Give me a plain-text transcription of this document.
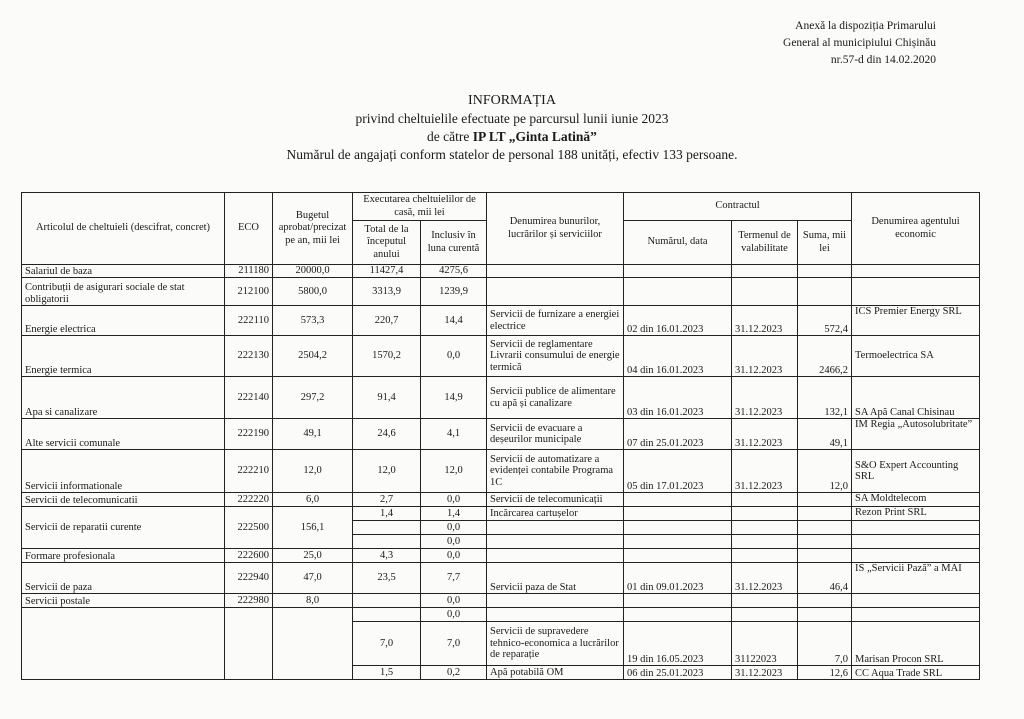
Anexă la dispoziția Primarului
General al municipiului Chișinău
nr.57-d din 14.02.2020
INFORMAȚIA
privind cheltuielile efectuate pe parcursul lunii iunie 2023
de către IP LT „Ginta Latină”
Numărul de angajați conform statelor de personal 188 unități, efectiv 133 persoane.
Articolul de cheltuieli (descifrat, concret)	ECO	Bugetul aprobat/precizat pe an, mii lei	Executarea cheltuielilor de casă, mii lei		Denumirea bunurilor, lucrărilor și serviciilor	Contractul			Denumirea agentului economic
			Total de la începutul anului	Inclusiv în luna curentă		Numărul, data	Termenul de valabilitate	Suma, mii lei	

Salariul de baza	211180	20000,0	11427,4	4275,6					
Contribuții de asigurari sociale de stat obligatorii	212100	5800,0	3313,9	1239,9					
Energie electrica	222110	573,3	220,7	14,4	Servicii de furnizare a energiei electrice	02 din 16.01.2023	31.12.2023	572,4	ICS Premier Energy SRL
Energie termica	222130	2504,2	1570,2	0,0	Servicii de reglamentare Livrarii consumului de energie termică	04 din 16.01.2023	31.12.2023	2466,2	Termoelectrica SA
Apa si canalizare	222140	297,2	91,4	14,9	Servicii publice de alimentare cu apă și canalizare	03 din 16.01.2023	31.12.2023	132,1	SA Apă Canal Chisinau
Alte servicii comunale	222190	49,1	24,6	4,1	Servicii de evacuare a deșeurilor municipale	07 din 25.01.2023	31.12.2023	49,1	IM Regia „Autosolubritate”
Servicii informationale	222210	12,0	12,0	12,0	Servicii de automatizare a evidenței contabile Programa 1C	05 din 17.01.2023	31.12.2023	12,0	S&O Expert Accounting SRL
Servicii de telecomunicatii	222220	6,0	2,7	0,0	Servicii de telecomunicații				SA Moldtelecom
Servicii de reparatii curente	222500	156,1	1,4	1,4	Incărcarea cartușelor				Rezon Print SRL
				0,0					
				0,0					
Formare profesionala	222600	25,0	4,3	0,0					
Servicii de paza	222940	47,0	23,5	7,7	Servicii paza de Stat	01 din 09.01.2023	31.12.2023	46,4	IS „Servicii Pază” a MAI
Servicii postale	222980	8,0		0,0					
				0,0					
			7,0	7,0	Servicii de supravedere tehnico-economica a lucrărilor de reparație	19 din 16.05.2023	31122023	7,0	Marisan Procon SRL
			1,5	0,2	Apă potabilă OM	06 din 25.01.2023	31.12.2023	12,6	CC Aqua Trade SRL
